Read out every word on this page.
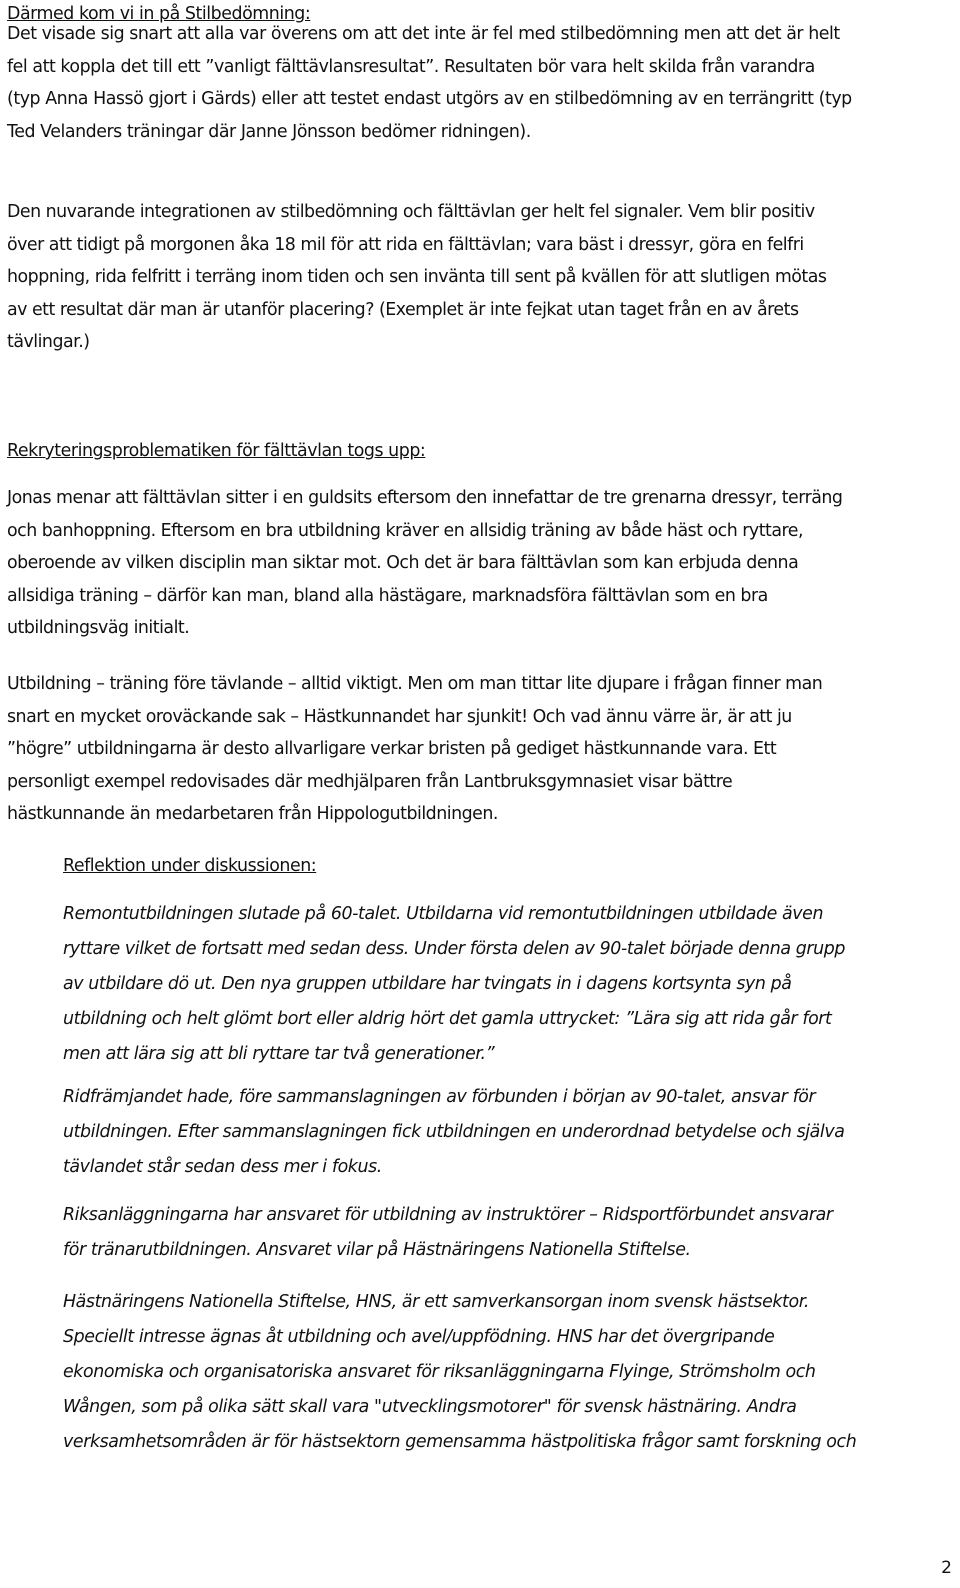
Därmed kom vi in på Stilbedömning:
Det visade sig snart att alla var överens om att det inte är fel med stilbedömning men att det är helt
fel att koppla det till ett ”vanligt fälttävlansresultat”. Resultaten bör vara helt skilda från varandra
(typ Anna Hassö gjort i Gärds) eller att testet endast utgörs av en stilbedömning av en terrängritt (typ
Ted Velanders träningar där Janne Jönsson bedömer ridningen).
Den nuvarande integrationen av stilbedömning och fälttävlan ger helt fel signaler. Vem blir positiv
över att tidigt på morgonen åka 18 mil för att rida en fälttävlan; vara bäst i dressyr, göra en felfri
hoppning, rida felfritt i terräng inom tiden och sen invänta till sent på kvällen för att slutligen mötas
av ett resultat där man är utanför placering? (Exemplet är inte fejkat utan taget från en av årets
tävlingar.)
Rekryteringsproblematiken för fälttävlan togs upp:
Jonas menar att fälttävlan sitter i en guldsits eftersom den innefattar de tre grenarna dressyr, terräng
och banhoppning. Eftersom en bra utbildning kräver en allsidig träning av både häst och ryttare,
oberoende av vilken disciplin man siktar mot. Och det är bara fälttävlan som kan erbjuda denna
allsidiga träning – därför kan man, bland alla hästägare, marknadsföra fälttävlan som en bra
utbildningsväg initialt.
Utbildning – träning före tävlande – alltid viktigt. Men om man tittar lite djupare i frågan finner man
snart en mycket oroväckande sak – Hästkunnandet har sjunkit! Och vad ännu värre är, är att ju
”högre” utbildningarna är desto allvarligare verkar bristen på gediget hästkunnande vara. Ett
personligt exempel redovisades där medhjälparen från Lantbruksgymnasiet visar bättre
hästkunnande än medarbetaren från Hippologutbildningen.
Reflektion under diskussionen:
Remontutbildningen slutade på 60-talet. Utbildarna vid remontutbildningen utbildade även
ryttare vilket de fortsatt med sedan dess. Under första delen av 90-talet började denna grupp
av utbildare dö ut. Den nya gruppen utbildare har tvingats in i dagens kortsynta syn på
utbildning och helt glömt bort eller aldrig hört det gamla uttrycket: ”Lära sig att rida går fort
men att lära sig att bli ryttare tar två generationer.”
Ridfrämjandet hade, före sammanslagningen av förbunden i början av 90-talet, ansvar för
utbildningen. Efter sammanslagningen fick utbildningen en underordnad betydelse och själva
tävlandet står sedan dess mer i fokus.
Riksanläggningarna har ansvaret för utbildning av instruktörer – Ridsportförbundet ansvarar
för tränarutbildningen. Ansvaret vilar på Hästnäringens Nationella Stiftelse.
Hästnäringens Nationella Stiftelse, HNS, är ett samverkansorgan inom svensk hästsektor.
Speciellt intresse ägnas åt utbildning och avel/uppfödning. HNS har det övergripande
ekonomiska och organisatoriska ansvaret för riksanläggningarna Flyinge, Strömsholm och
Wången, som på olika sätt skall vara "utvecklingsmotorer" för svensk hästnäring. Andra
verksamhetsområden är för hästsektorn gemensamma hästpolitiska frågor samt forskning och
2
